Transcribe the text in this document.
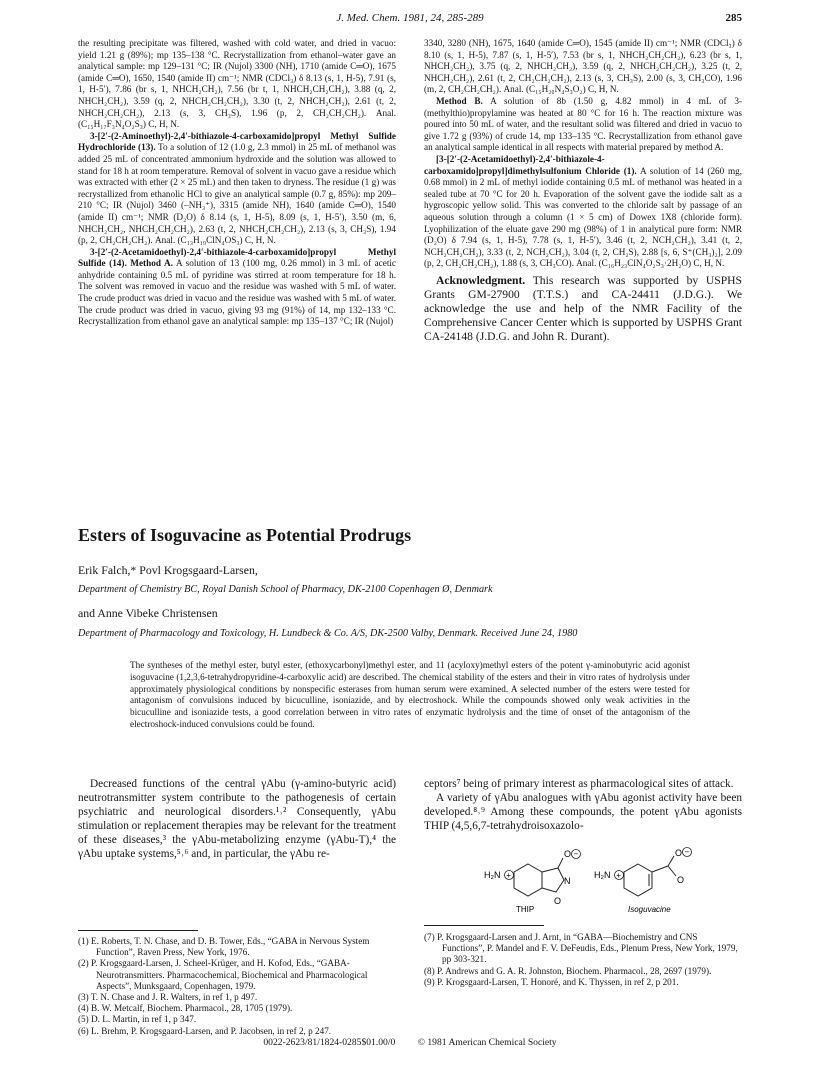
J. Med. Chem. 1981, 24, 285-289	285

the resulting precipitate was filtered, washed with cold water, and dried in vacuo: yield 1.21 g (89%); mp 135–138 °C. Recrystallization from ethanol–water gave an analytical sample: mp 129–131 °C; IR (Nujol) 3300 (NH), 1710 (amide C═O), 1675 (amide C═O), 1650, 1540 (amide II) cm⁻¹; NMR (CDCl₃) δ 8.13 (s, 1, H-5), 7.91 (s, 1, H-5′), 7.86 (br s, 1, NHCH₂CH₂), 7.56 (br t, 1, NHCH₂CH₂CH₂), 3.88 (q, 2, NHCH₂CH₂), 3.59 (q, 2, NHCH₂CH₂CH₂), 3.30 (t, 2, NHCH₂CH₂), 2.61 (t, 2, NHCH₂CH₂CH₂), 2.13 (s, 3, CH₃S), 1.96 (p, 2, CH₂CH₂CH₂). Anal. (C₁₅H₁₇F₃N₄O₂S₃) C, H, N.

3-[2′-(2-Aminoethyl)-2,4′-bithiazole-4-carboxamido]propyl Methyl Sulfide Hydrochloride (13). To a solution of 12 (1.0 g, 2.3 mmol) in 25 mL of methanol was added 25 mL of concentrated ammonium hydroxide and the solution was allowed to stand for 18 h at room temperature. Removal of solvent in vacuo gave a residue which was extracted with ether (2 × 25 mL) and then taken to dryness. The residue (1 g) was recrystallized from ethanolic HCl to give an analytical sample (0.7 g, 85%): mp 209–210 °C; IR (Nujol) 3460 (–NH₃⁺), 3315 (amide NH), 1640 (amide C═O), 1540 (amide II) cm⁻¹; NMR (D₂O) δ 8.14 (s, 1, H-5), 8.09 (s, 1, H-5′), 3.50 (m, 6, NHCH₂CH₂, NHCH₂CH₂CH₂), 2.63 (t, 2, NHCH₂CH₂CH₂), 2.13 (s, 3, CH₃S), 1.94 (p, 2, CH₂CH₂CH₂). Anal. (C₁₃H₁₉ClN₄OS₃) C, H, N.

3-[2′-(2-Acetamidoethyl)-2,4′-bithiazole-4-carboxamido]propyl Methyl Sulfide (14). Method A. A solution of 13 (100 mg, 0.26 mmol) in 3 mL of acetic anhydride containing 0.5 mL of pyridine was stirred at room temperature for 18 h. The solvent was removed in vacuo and the residue was washed with 5 mL of water. The crude product was dried in vacuo and the residue was washed with 5 mL of water. The crude product was dried in vacuo, giving 93 mg (91%) of 14, mp 132–133 °C. Recrystallization from ethanol gave an analytical sample: mp 135–137 °C; IR (Nujol)

3340, 3280 (NH), 1675, 1640 (amide C═O), 1545 (amide II) cm⁻¹; NMR (CDCl₃) δ 8.10 (s, 1, H-5), 7.87 (s, 1, H-5′), 7.53 (br s, 1, NHCH₂CH₂CH₂), 6.23 (br s, 1, NHCH₂CH₂), 3.75 (q, 2, NHCH₂CH₂), 3.59 (q, 2, NHCH₂CH₂CH₂), 3.25 (t, 2, NHCH₂CH₂), 2.61 (t, 2, CH₂CH₂CH₂), 2.13 (s, 3, CH₃S), 2.00 (s, 3, CH₃CO), 1.96 (m, 2, CH₂CH₂CH₂). Anal. (C₁₅H₂₀N₄S₃O₂) C, H, N.

Method B. A solution of 8b (1.50 g, 4.82 mmol) in 4 mL of 3-(methylthio)propylamine was heated at 80 °C for 16 h. The reaction mixture was poured into 50 mL of water, and the resultant solid was filtered and dried in vacuo to give 1.72 g (93%) of crude 14, mp 133–135 °C. Recrystallization from ethanol gave an analytical sample identical in all respects with material prepared by method A.

[3-[2′-(2-Acetamidoethyl)-2,4′-bithiazole-4-carboxamido]propyl]dimethylsulfonium Chloride (1). A solution of 14 (260 mg, 0.68 mmol) in 2 mL of methyl iodide containing 0.5 mL of methanol was heated in a sealed tube at 70 °C for 20 h. Evaporation of the solvent gave the iodide salt as a hygroscopic yellow solid. This was converted to the chloride salt by passage of an aqueous solution through a column (1 × 5 cm) of Dowex 1X8 (chloride form). Lyophilization of the eluate gave 290 mg (98%) of 1 in analytical pure form: NMR (D₂O) δ 7.94 (s, 1, H-5), 7.78 (s, 1, H-5′), 3.46 (t, 2, NCH₂CH₂), 3.41 (t, 2, NCH₂CH₂CH₂), 3.33 (t, 2, NCH₂CH₂), 3.04 (t, 2, CH₂S), 2.88 [s, 6, S⁺(CH₃)₂], 2.09 (p, 2, CH₂CH₂CH₂), 1.88 (s, 3, CH₃CO). Anal. (C₁₆H₂₃ClN₄O₂S₃·2H₂O) C, H, N.

Acknowledgment. This research was supported by USPHS Grants GM-27900 (T.T.S.) and CA-24411 (J.D.G.). We acknowledge the use and help of the NMR Facility of the Comprehensive Cancer Center which is supported by USPHS Grant CA-24148 (J.D.G. and John R. Durant).

Esters of Isoguvacine as Potential Prodrugs
Erik Falch,* Povl Krogsgaard-Larsen,
Department of Chemistry BC, Royal Danish School of Pharmacy, DK-2100 Copenhagen Ø, Denmark
and Anne Vibeke Christensen
Department of Pharmacology and Toxicology, H. Lundbeck & Co. A/S, DK-2500 Valby, Denmark. Received June 24, 1980
The syntheses of the methyl ester, butyl ester, (ethoxycarbonyl)methyl ester, and 11 (acyloxy)methyl esters of the potent γ-aminobutyric acid agonist isoguvacine (1,2,3,6-tetrahydropyridine-4-carboxylic acid) are described. The chemical stability of the esters and their in vitro rates of hydrolysis under approximately physiological conditions by nonspecific esterases from human serum were examined. A selected number of the esters were tested for antagonism of convulsions induced by bicuculline, isoniazide, and by electroshock. While the compounds showed only weak activities in the bicuculline and isoniazide tests, a good correlation between in vitro rates of enzymatic hydrolysis and the time of onset of the antagonism of the electroshock-induced convulsions could be found.

Decreased functions of the central γAbu (γ-amino-butyric acid) neutrotransmitter system contribute to the pathogenesis of certain psychiatric and neurological disorders.¹˒² Consequently, γAbu stimulation or replacement therapies may be relevant for the treatment of these diseases,³ the γAbu-metabolizing enzyme (γAbu-T),⁴ the γAbu uptake systems,⁵˒⁶ and, in particular, the γAbu re-

ceptors⁷ being of primary interest as pharmacological sites of attack.

A variety of γAbu analogues with γAbu agonist activity have been developed.⁸˒⁹ Among these compounds, the potent γAbu agonists THIP (4,5,6,7-tetrahydroisoxazolo-

O −
N
O
H₂N +
THIP
O −
O
H₂N +
Isoguvacine

(1) E. Roberts, T. N. Chase, and D. B. Tower, Eds., “GABA in Nervous System Function”, Raven Press, New York, 1976.

(2) P. Krogsgaard-Larsen, J. Scheel-Krüger, and H. Kofod, Eds., “GABA-Neurotransmitters. Pharmacochemical, Biochemical and Pharmacological Aspects”, Munksgaard, Copenhagen, 1979.

(3) T. N. Chase and J. R. Walters, in ref 1, p 497.

(4) B. W. Metcalf, Biochem. Pharmacol., 28, 1705 (1979).

(5) D. L. Martin, in ref 1, p 347.

(6) L. Brehm, P. Krogsgaard-Larsen, and P. Jacobsen, in ref 2, p 247.

(7) P. Krogsgaard-Larsen and J. Arnt, in “GABA—Biochemistry and CNS Functions”, P. Mandel and F. V. DeFeudis, Eds., Plenum Press, New York, 1979, pp 303-321.

(8) P. Andrews and G. A. R. Johnston, Biochem. Pharmacol., 28, 2697 (1979).

(9) P. Krogsgaard-Larsen, T. Honoré, and K. Thyssen, in ref 2, p 201.

0022-2623/81/1824-0285$01.00/0 © 1981 American Chemical Society
